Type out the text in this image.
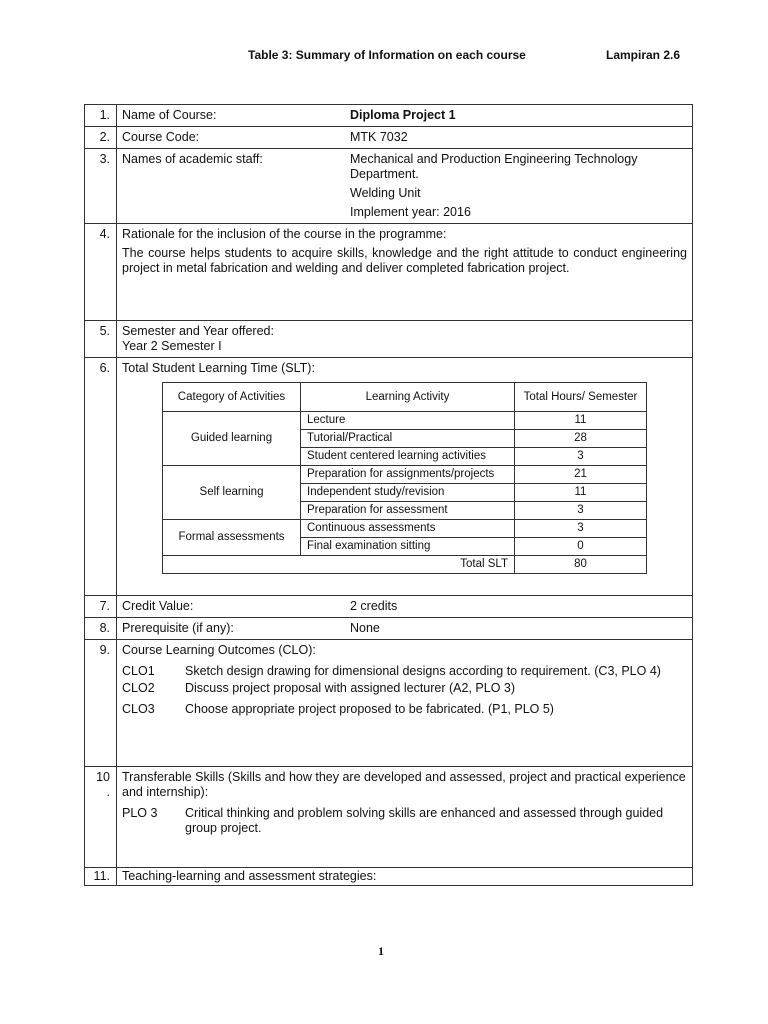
Table 3: Summary of Information on each course	Lampiran 2.6
1.	Name of Course:	Diploma Project 1
2.	Course Code:	MTK 7032
3.	Names of academic staff:	Mechanical and Production Engineering Technology Department.
Welding Unit
Implement year: 2016

4.	Rationale for the inclusion of the course in the programme:
The course helps students to acquire skills, knowledge and the right attitude to conduct engineering project in metal fabrication and welding and deliver completed fabrication project.

5.	Semester and Year offered:Year 2 Semester I
6.	Total Student Learning Time (SLT):
Category of Activities	Learning Activity	Total Hours/ Semester
Guided learning	Lecture	11
Tutorial/Practical	28
Student centered learning activities	3
Self learning	Preparation for assignments/projects	21
Independent study/revision	11
Preparation for assessment	3
Formal assessments	Continuous assessments	3
Final examination sitting	0
Total SLT	80

7.	Credit Value:	2 credits
8.	Prerequisite (if any):	None
9.	Course Learning Outcomes (CLO):
CLO1	Sketch design drawing for dimensional designs according to requirement. (C3, PLO 4)
CLO2	Discuss project proposal with assigned lecturer (A2, PLO 3)
CLO3	Choose appropriate project proposed to be fabricated. (P1, PLO 5)

10
.	
Transferable Skills (Skills and how they are developed and assessed, project and practical experience and internship):
PLO 3	Critical thinking and problem solving skills are enhanced and assessed through guided group project.

11.	Teaching-learning and assessment strategies:
1
